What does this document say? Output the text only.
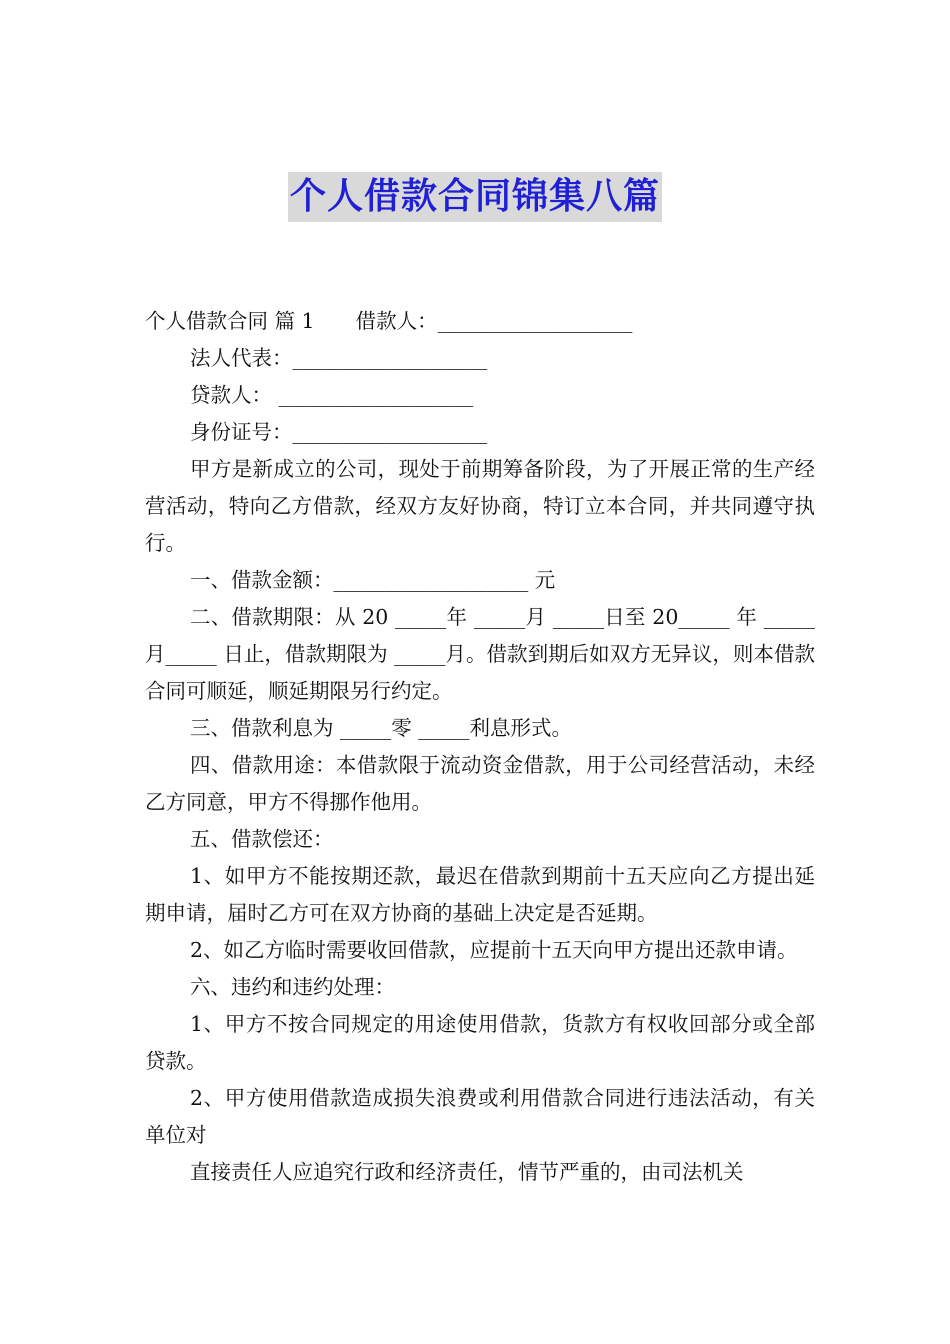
个人借款合同锦集八篇
个人借款合同 篇 1　　借款人：___________________
法人代表：___________________
贷款人： ___________________
身份证号：___________________
甲方是新成立的公司，现处于前期筹备阶段，为了开展正常的生产经营活动，特向乙方借款，经双方友好协商，特订立本合同，并共同遵守执行。
一、借款金额：___________________ 元
二、借款期限：从 20 _____年 _____月 _____日至 20_____ 年 _____月_____ 日止，借款期限为 _____月。借款到期后如双方无异议，则本借款合同可顺延，顺延期限另行约定。
三、借款利息为 _____零 _____利息形式。
四、借款用途：本借款限于流动资金借款，用于公司经营活动，未经乙方同意，甲方不得挪作他用。
五、借款偿还：
1、如甲方不能按期还款，最迟在借款到期前十五天应向乙方提出延期申请，届时乙方可在双方协商的基础上决定是否延期。
2、如乙方临时需要收回借款，应提前十五天向甲方提出还款申请。
六、违约和违约处理：
1、甲方不按合同规定的用途使用借款，货款方有权收回部分或全部贷款。
2、甲方使用借款造成损失浪费或利用借款合同进行违法活动，有关单位对
直接责任人应追究行政和经济责任，情节严重的，由司法机关
